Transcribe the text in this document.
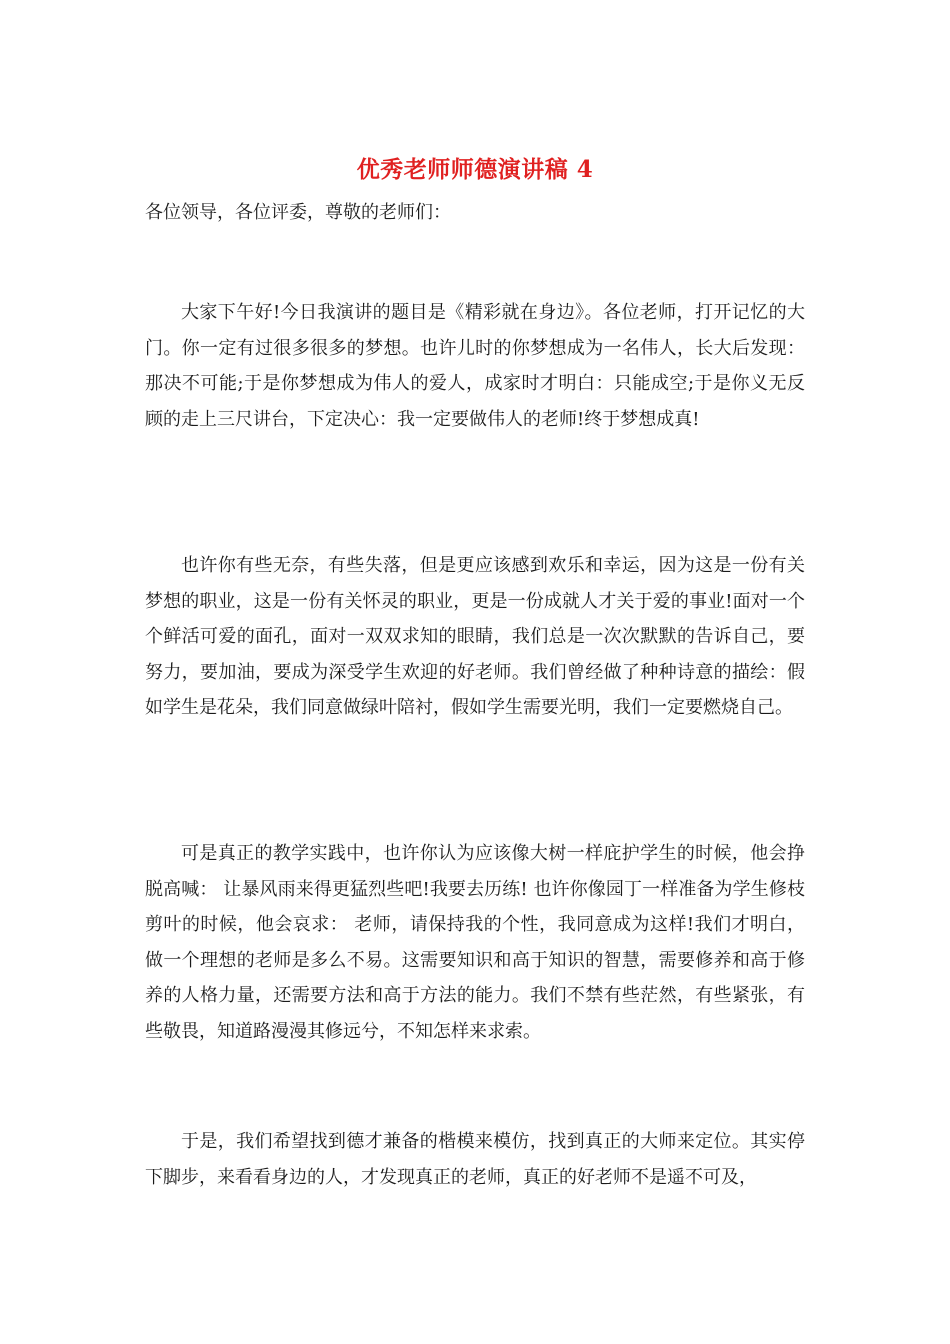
优秀老师师德演讲稿 4
各位领导，各位评委，尊敬的老师们：
大家下午好!今日我演讲的题目是《精彩就在身边》。各位老师，打开记忆的大门。你一定有过很多很多的梦想。也许儿时的你梦想成为一名伟人，长大后发现：那决不可能;于是你梦想成为伟人的爱人，成家时才明白：只能成空;于是你义无反顾的走上三尺讲台，下定决心：我一定要做伟人的老师!终于梦想成真!
也许你有些无奈，有些失落，但是更应该感到欢乐和幸运，因为这是一份有关梦想的职业，这是一份有关怀灵的职业，更是一份成就人才关于爱的事业!面对一个个鲜活可爱的面孔，面对一双双求知的眼睛，我们总是一次次默默的告诉自己，要努力，要加油，要成为深受学生欢迎的好老师。我们曾经做了种种诗意的描绘：假如学生是花朵，我们同意做绿叶陪衬，假如学生需要光明，我们一定要燃烧自己。
可是真正的教学实践中，也许你认为应该像大树一样庇护学生的时候，他会挣脱高喊： 让暴风雨来得更猛烈些吧!我要去历练! 也许你像园丁一样准备为学生修枝剪叶的时候，他会哀求： 老师，请保持我的个性，我同意成为这样!我们才明白，做一个理想的老师是多么不易。这需要知识和高于知识的智慧，需要修养和高于修养的人格力量，还需要方法和高于方法的能力。我们不禁有些茫然，有些紧张，有些敬畏，知道路漫漫其修远兮，不知怎样来求索。
于是，我们希望找到德才兼备的楷模来模仿，找到真正的大师来定位。其实停下脚步，来看看身边的人，才发现真正的老师，真正的好老师不是遥不可及，
